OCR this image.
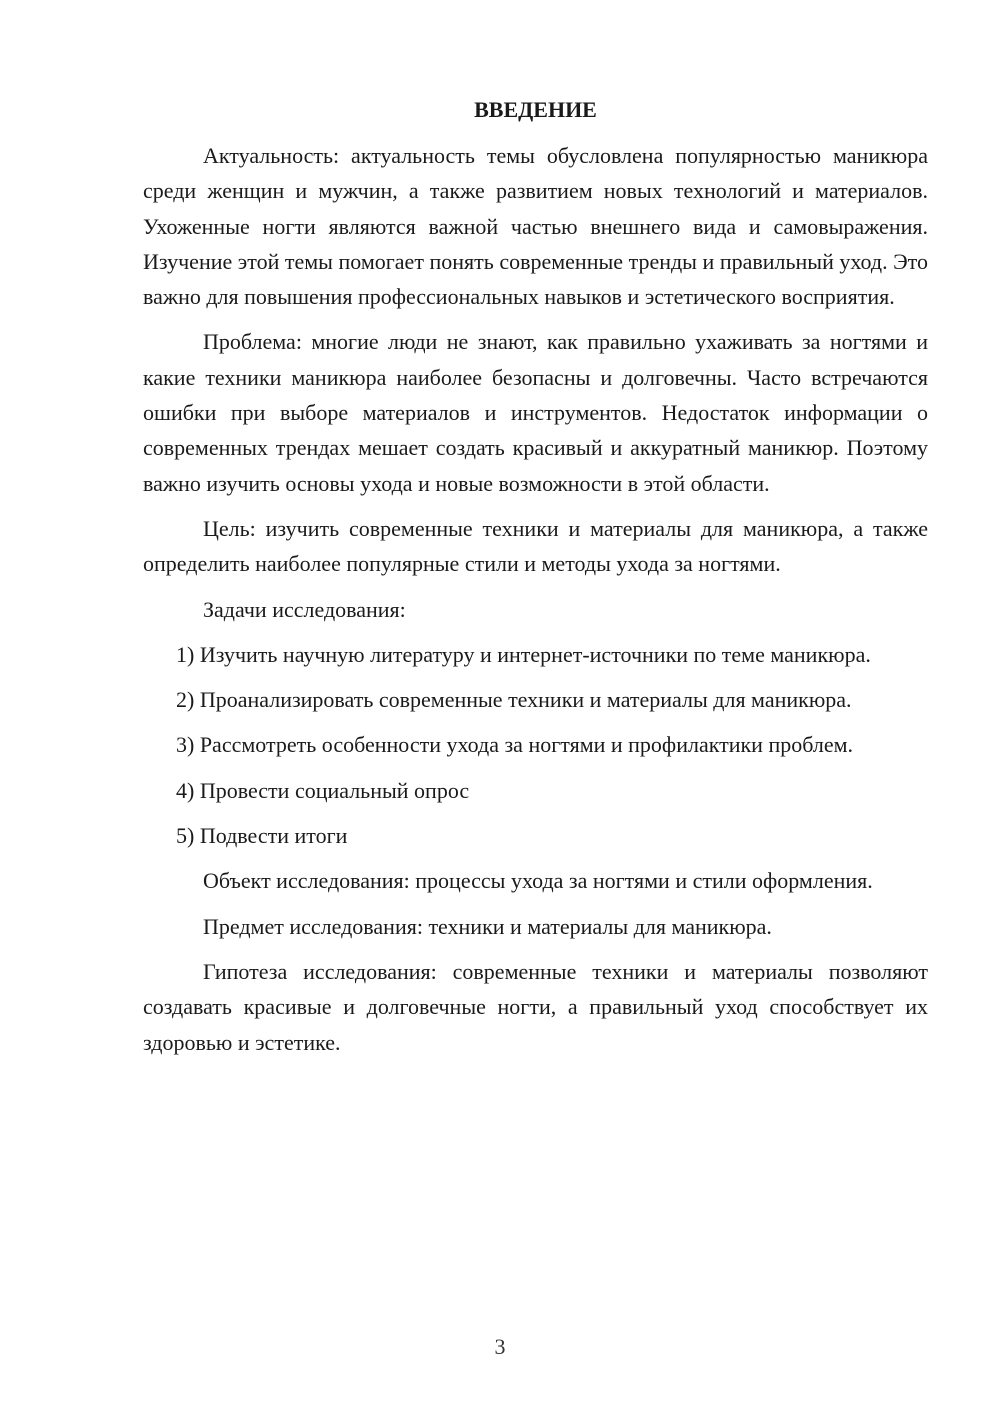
ВВЕДЕНИЕ

Актуальность: актуальность темы обусловлена популярностью маникюра среди женщин и мужчин, а также развитием новых технологий и материалов. Ухоженные ногти являются важной частью внешнего вида и самовыражения. Изучение этой темы помогает понять современные тренды и правильный уход. Это важно для повышения профессиональных навыков и эстетического восприятия.

Проблема: многие люди не знают, как правильно ухаживать за ногтями и какие техники маникюра наиболее безопасны и долговечны. Часто встречаются ошибки при выборе материалов и инструментов. Недостаток информации о современных трендах мешает создать красивый и аккуратный маникюр. Поэтому важно изучить основы ухода и новые возможности в этой области.

Цель: изучить современные техники и материалы для маникюра, а также определить наиболее популярные стили и методы ухода за ногтями.

Задачи исследования:

1) Изучить научную литературу и интернет-источники по теме маникюра.

2) Проанализировать современные техники и материалы для маникюра.

3) Рассмотреть особенности ухода за ногтями и профилактики проблем.

4) Провести социальный опрос

5) Подвести итоги

Объект исследования: процессы ухода за ногтями и стили оформления.

Предмет исследования: техники и материалы для маникюра.

Гипотеза исследования: современные техники и материалы позволяют создавать красивые и долговечные ногти, а правильный уход способствует их здоровью и эстетике.

3
